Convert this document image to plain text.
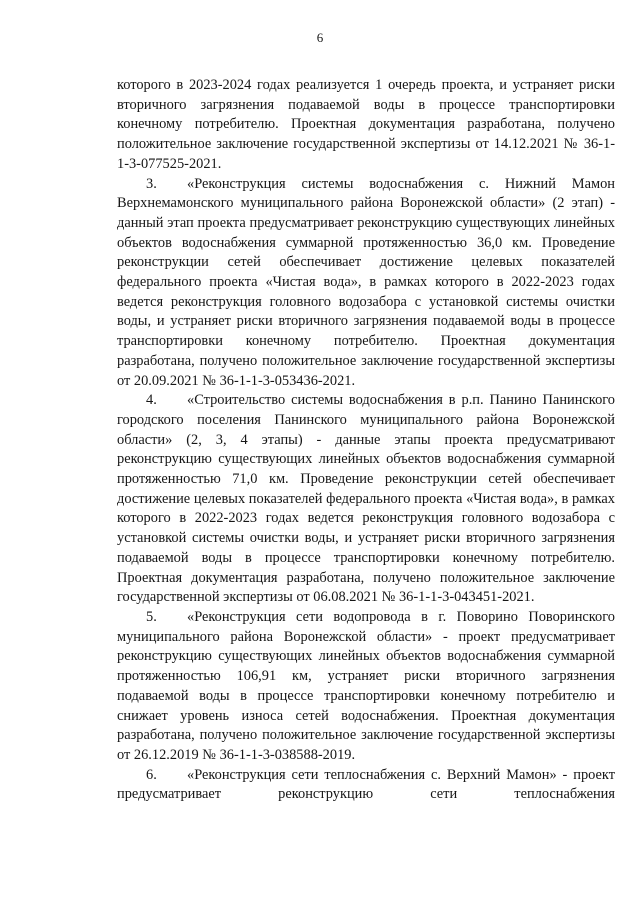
6

которого в 2023-2024 годах реализуется 1 очередь проекта, и устраняет риски вторичного загрязнения подаваемой воды в процессе транспортировки конечному потребителю. Проектная документация разработана, получено положительное заключение государственной экспертизы от 14.12.2021 № 36-1-1-3-077525-2021.

3. «Реконструкция системы водоснабжения с. Нижний Мамон Верхнемамонского муниципального района Воронежской области» (2 этап) - данный этап проекта предусматривает реконструкцию существующих линейных объектов водоснабжения суммарной протяженностью 36,0 км. Проведение реконструкции сетей обеспечивает достижение целевых показателей федерального проекта «Чистая вода», в рамках которого в 2022-2023 годах ведется реконструкция головного водозабора с установкой системы очистки воды, и устраняет риски вторичного загрязнения подаваемой воды в процессе транспортировки конечному потребителю. Проектная документация разработана, получено положительное заключение государственной экспертизы от 20.09.2021 № 36-1-1-3-053436-2021.

4. «Строительство системы водоснабжения в р.п. Панино Панинского городского поселения Панинского муниципального района Воронежской области» (2, 3, 4 этапы) - данные этапы проекта предусматривают реконструкцию существующих линейных объектов водоснабжения суммарной протяженностью 71,0 км. Проведение реконструкции сетей обеспечивает достижение целевых показателей федерального проекта «Чистая вода», в рамках которого в 2022-2023 годах ведется реконструкция головного водозабора с установкой системы очистки воды, и устраняет риски вторичного загрязнения подаваемой воды в процессе транспортировки конечному потребителю. Проектная документация разработана, получено положительное заключение государственной экспертизы от 06.08.2021 № 36-1-1-3-043451-2021.

5. «Реконструкция сети водопровода в г. Поворино Поворинского муниципального района Воронежской области» - проект предусматривает реконструкцию существующих линейных объектов водоснабжения суммарной протяженностью 106,91 км, устраняет риски вторичного загрязнения подаваемой воды в процессе транспортировки конечному потребителю и снижает уровень износа сетей водоснабжения. Проектная документация разработана, получено положительное заключение государственной экспертизы от 26.12.2019 № 36-1-1-3-038588-2019.

6. «Реконструкция сети теплоснабжения с. Верхний Мамон» - проект предусматривает реконструкцию сети теплоснабжения
